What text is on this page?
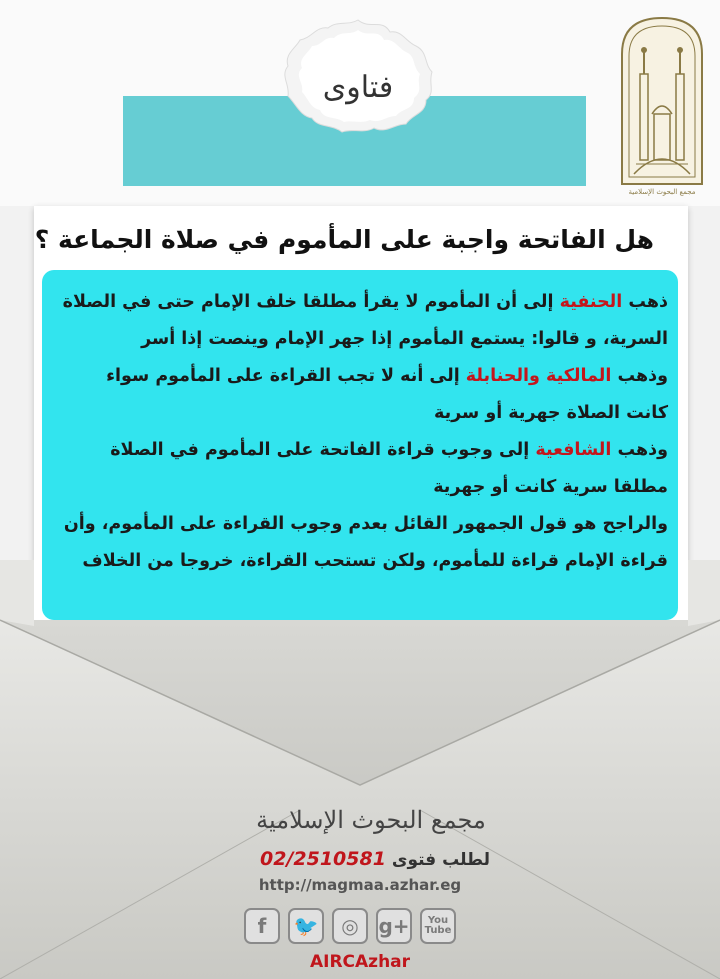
فتاوى
مجمع البحوث الإسلامية
هل الفاتحة واجبة على المأموم في صلاة الجماعة ؟
ذهب الحنفية إلى أن المأموم لا يقرأ مطلقا خلف الإمام حتى في الصلاة السرية، و قالوا: يستمع المأموم إذا جهر الإمام وينصت إذا أسر
وذهب المالكية والحنابلة إلى أنه لا تجب القراءة على المأموم سواء كانت الصلاة جهرية أو سرية
وذهب الشافعية إلى وجوب قراءة الفاتحة على المأموم في الصلاة مطلقا سرية كانت أو جهرية
والراجح هو قول الجمهور القائل بعدم وجوب القراءة على المأموم، وأن قراءة الإمام قراءة للمأموم، ولكن تستحب القراءة، خروجا من الخلاف
مجمع البحوث الإسلامية
لطلب فتوى 02/2510581
http://magmaa.azhar.eg
f	🐦	◎ g+	You Tube
AIRCAzhar
